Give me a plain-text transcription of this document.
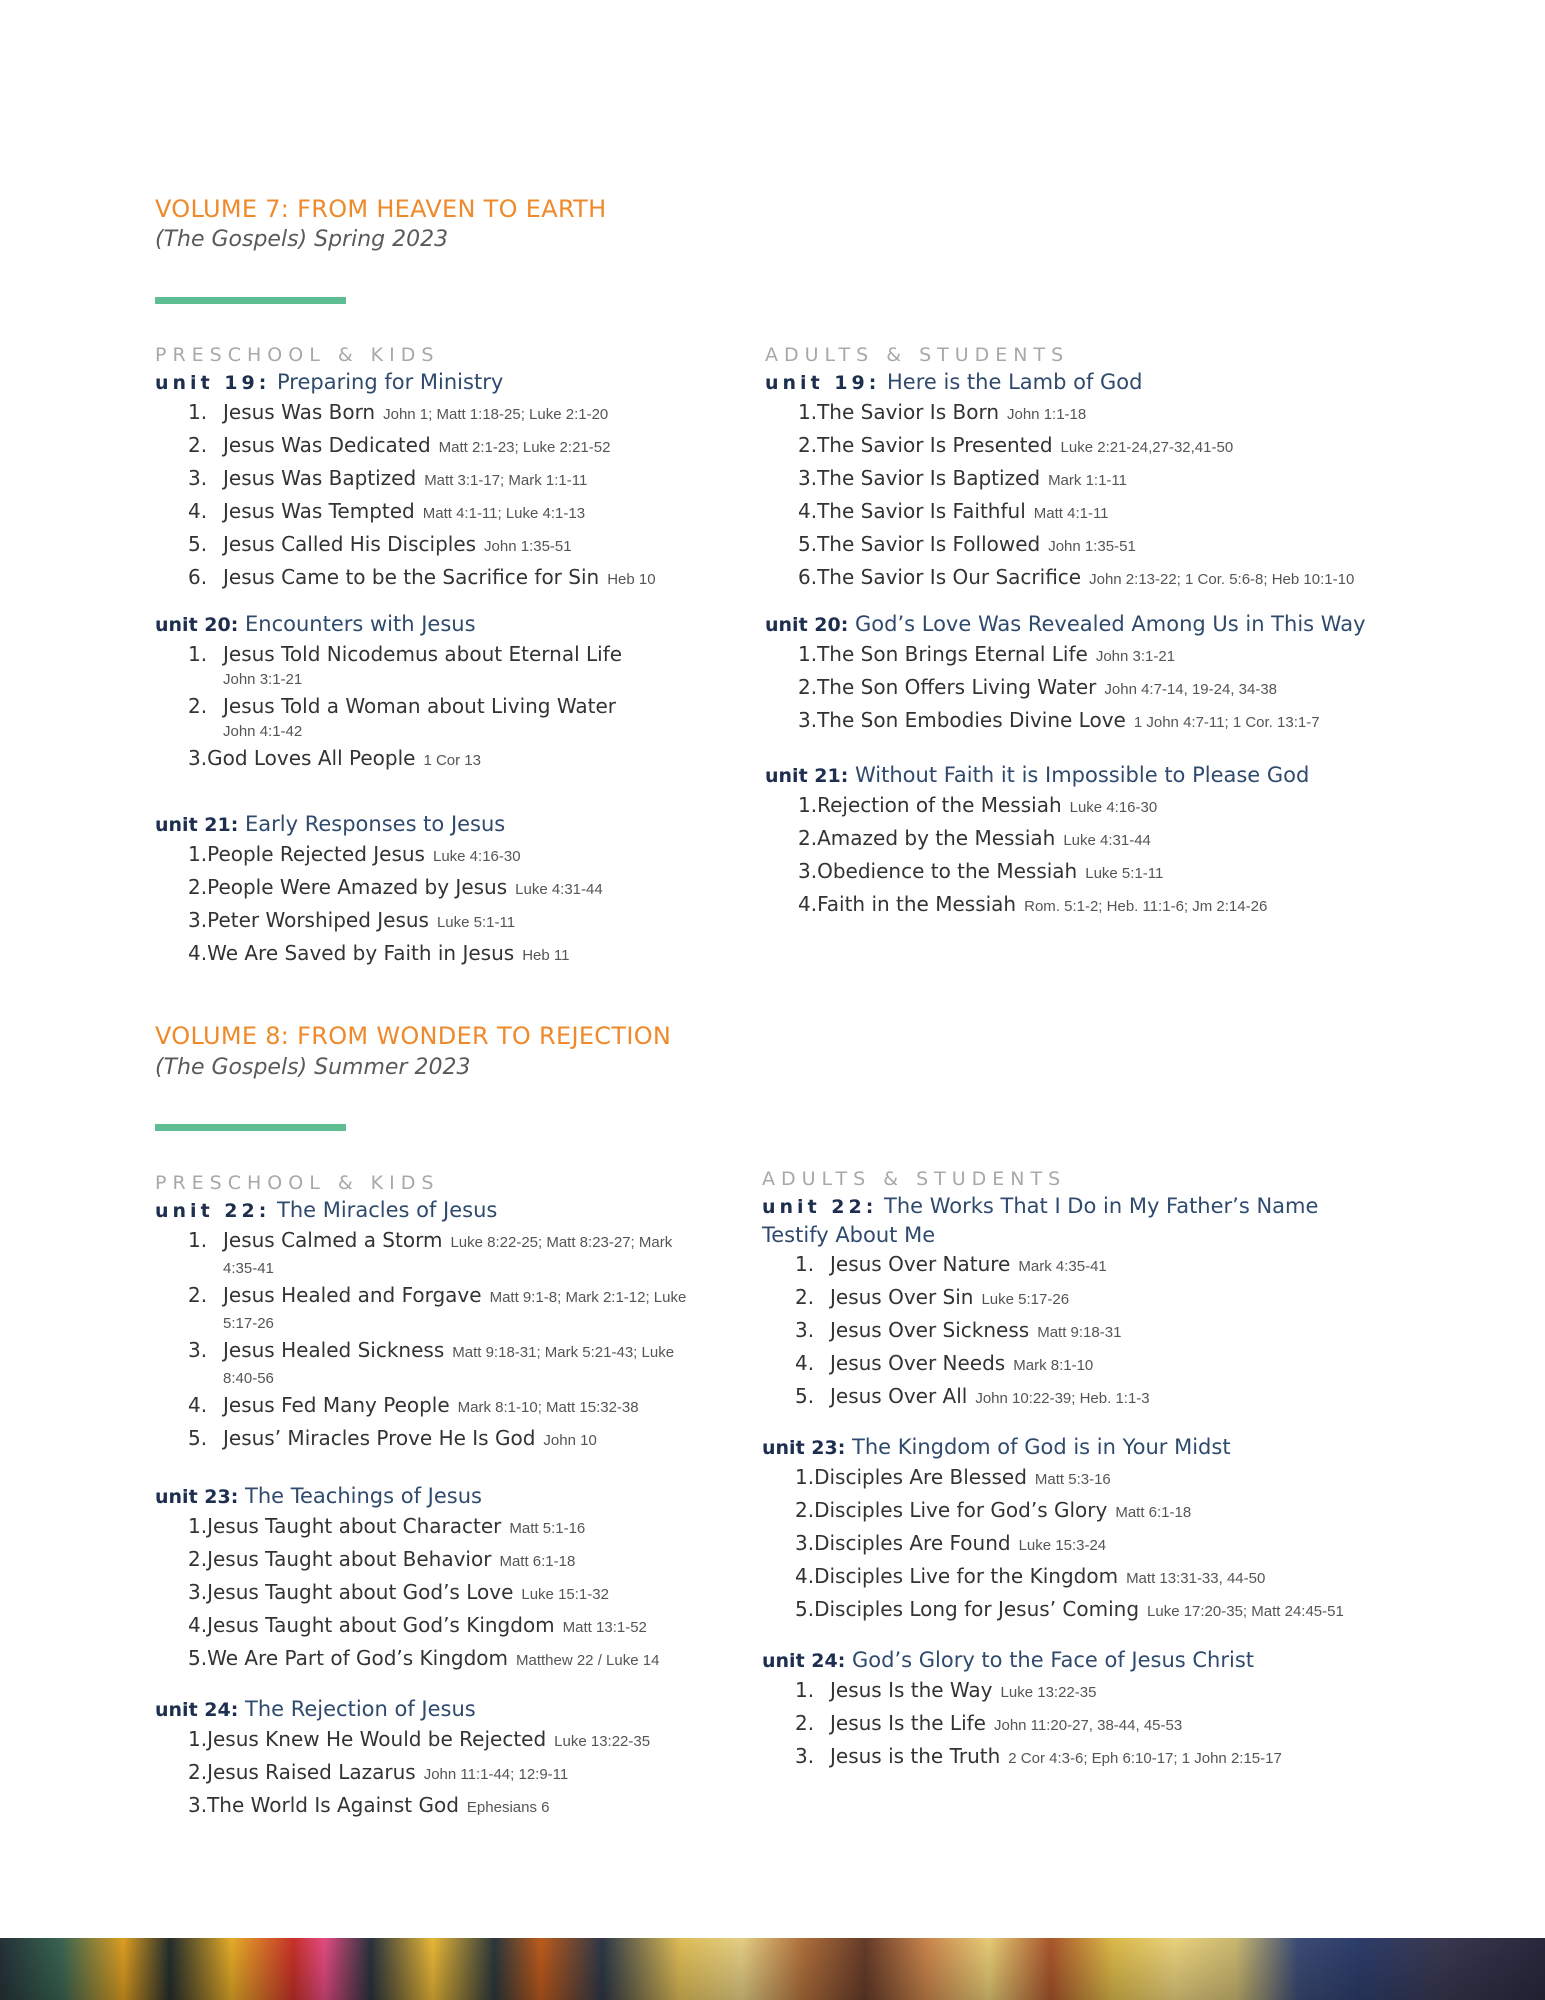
VOLUME 7: FROM HEAVEN TO EARTH
(The Gospels) Spring 2023
PRESCHOOL & KIDS	ADULTS & STUDENTS
unit 19: Preparing for Ministry
1. Jesus Was Born John 1; Matt 1:18-25; Luke 2:1-20
2. Jesus Was Dedicated Matt 2:1-23; Luke 2:21-52
3. Jesus Was Baptized Matt 3:1-17; Mark 1:1-11
4. Jesus Was Tempted Matt 4:1-11; Luke 4:1-13
5. Jesus Called His Disciples John 1:35-51
6. Jesus Came to be the Sacrifice for Sin Heb 10
unit 20: Encounters with Jesus
1. Jesus Told Nicodemus about Eternal Life
John 3:1-21
2. Jesus Told a Woman about Living Water
John 4:1-42
3.God Loves All People 1 Cor 13
unit 21: Early Responses to Jesus
1.People Rejected Jesus Luke 4:16-30
2.People Were Amazed by Jesus Luke 4:31-44
3.Peter Worshiped Jesus Luke 5:1-11
4.We Are Saved by Faith in Jesus Heb 11
unit 19: Here is the Lamb of God
1.The Savior Is Born John 1:1-18
2.The Savior Is Presented Luke 2:21-24,27-32,41-50
3.The Savior Is Baptized Mark 1:1-11
4.The Savior Is Faithful Matt 4:1-11
5.The Savior Is Followed John 1:35-51
6.The Savior Is Our Sacrifice John 2:13-22; 1 Cor. 5:6-8; Heb 10:1-10
unit 20: God’s Love Was Revealed Among Us in This Way
1.The Son Brings Eternal Life John 3:1-21
2.The Son Offers Living Water John 4:7-14, 19-24, 34-38
3.The Son Embodies Divine Love 1 John 4:7-11; 1 Cor. 13:1-7
unit 21: Without Faith it is Impossible to Please God
1.Rejection of the Messiah Luke 4:16-30
2.Amazed by the Messiah Luke 4:31-44
3.Obedience to the Messiah Luke 5:1-11
4.Faith in the Messiah Rom. 5:1-2; Heb. 11:1-6; Jm 2:14-26
VOLUME 8: FROM WONDER TO REJECTION
(The Gospels) Summer 2023
PRESCHOOL & KIDS	ADULTS & STUDENTS
unit 22: The Miracles of Jesus
1. Jesus Calmed a Storm Luke 8:22-25; Matt 8:23-27; Mark
4:35-41
2. Jesus Healed and Forgave Matt 9:1-8; Mark 2:1-12; Luke
5:17-26
3. Jesus Healed Sickness Matt 9:18-31; Mark 5:21-43; Luke
8:40-56
4. Jesus Fed Many People Mark 8:1-10; Matt 15:32-38
5. Jesus’ Miracles Prove He Is God John 10
unit 23: The Teachings of Jesus
1.Jesus Taught about Character Matt 5:1-16
2.Jesus Taught about Behavior Matt 6:1-18
3.Jesus Taught about God’s Love Luke 15:1-32
4.Jesus Taught about God’s Kingdom Matt 13:1-52
5.We Are Part of God’s Kingdom Matthew 22 / Luke 14
unit 24: The Rejection of Jesus
1.Jesus Knew He Would be Rejected Luke 13:22-35
2.Jesus Raised Lazarus John 11:1-44; 12:9-11
3.The World Is Against God Ephesians 6
unit 22: The Works That I Do in My Father’s Name
Testify About Me
1. Jesus Over Nature Mark 4:35-41
2. Jesus Over Sin Luke 5:17-26
3. Jesus Over Sickness Matt 9:18-31
4. Jesus Over Needs Mark 8:1-10
5. Jesus Over All John 10:22-39; Heb. 1:1-3
unit 23: The Kingdom of God is in Your Midst
1.Disciples Are Blessed Matt 5:3-16
2.Disciples Live for God’s Glory Matt 6:1-18
3.Disciples Are Found Luke 15:3-24
4.Disciples Live for the Kingdom Matt 13:31-33, 44-50
5.Disciples Long for Jesus’ Coming Luke 17:20-35; Matt 24:45-51
unit 24: God’s Glory to the Face of Jesus Christ
1. Jesus Is the Way Luke 13:22-35
2. Jesus Is the Life John 11:20-27, 38-44, 45-53
3. Jesus is the Truth 2 Cor 4:3-6; Eph 6:10-17; 1 John 2:15-17
